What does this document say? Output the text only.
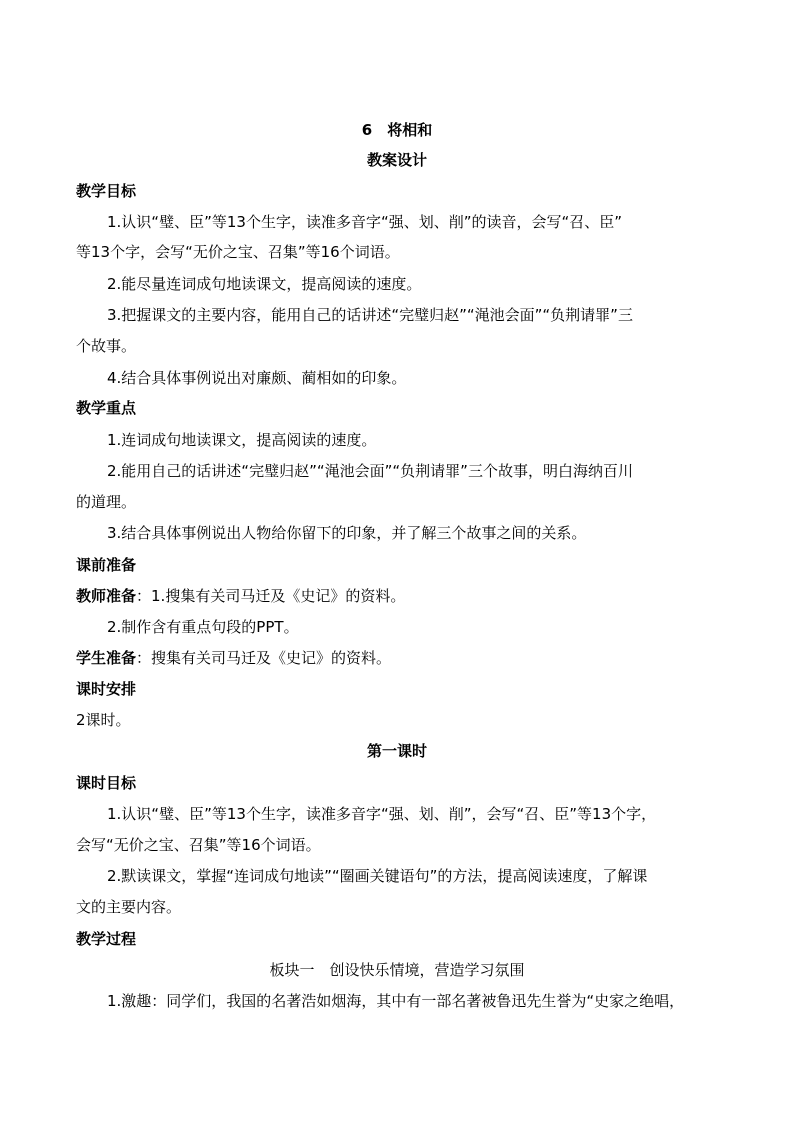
6　将相和
教案设计
教学目标
1.认识“璧、臣”等13个生字，读准多音字“强、划、削”的读音，会写“召、臣”
等13个字，会写“无价之宝、召集”等16个词语。
2.能尽量连词成句地读课文，提高阅读的速度。
3.把握课文的主要内容，能用自己的话讲述“完璧归赵”“渑池会面”“负荆请罪”三
个故事。
4.结合具体事例说出对廉颇、蔺相如的印象。
教学重点
1.连词成句地读课文，提高阅读的速度。
2.能用自己的话讲述“完璧归赵”“渑池会面”“负荆请罪”三个故事，明白海纳百川
的道理。
3.结合具体事例说出人物给你留下的印象，并了解三个故事之间的关系。
课前准备
教师准备：1.搜集有关司马迁及《史记》的资料。
2.制作含有重点句段的PPT。
学生准备：搜集有关司马迁及《史记》的资料。
课时安排
2课时。
第一课时
课时目标
1.认识“璧、臣”等13个生字，读准多音字“强、划、削”，会写“召、臣”等13个字，
会写“无价之宝、召集”等16个词语。
2.默读课文，掌握“连词成句地读”“圈画关键语句”的方法，提高阅读速度，了解课
文的主要内容。
教学过程
板块一　创设快乐情境，营造学习氛围
1.激趣：同学们，我国的名著浩如烟海，其中有一部名著被鲁迅先生誉为“史家之绝唱，
